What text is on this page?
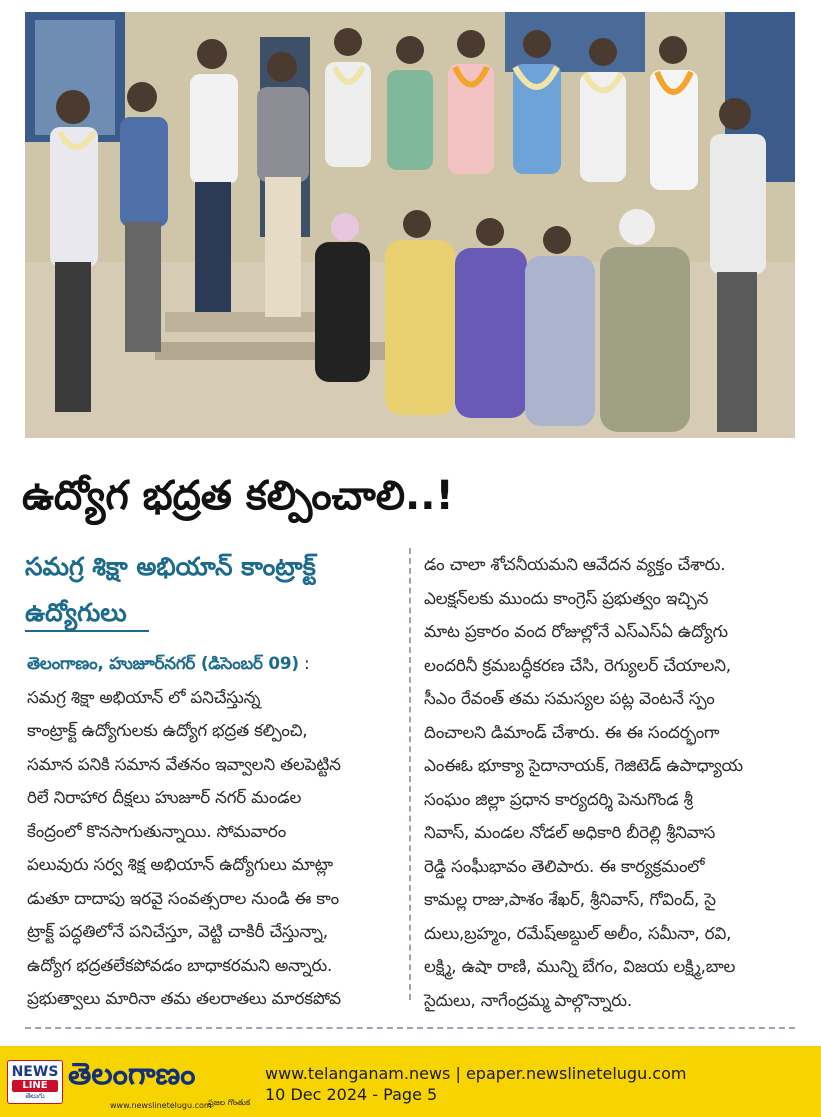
ఉద్యోగ భద్రత కల్పించాలి..!
సమగ్ర శిక్షా అభియాన్ కాంట్రాక్ట్ ఉద్యోగులు
తెలంగాణం, హుజూర్‌నగర్ (డిసెంబర్ 09) :
సమగ్ర శిక్షా అభియాన్ లో పనిచేస్తున్న
కాంట్రాక్ట్ ఉద్యోగులకు ఉద్యోగ భద్రత కల్పించి,
సమాన పనికి సమాన వేతనం ఇవ్వాలని తలపెట్టిన
రిలే నిరాహార దీక్షలు హుజూర్ నగర్ మండల
కేంద్రంలో కొనసాగుతున్నాయి. సోమవారం
పలువురు సర్వ శిక్ష అభియాన్ ఉద్యోగులు మాట్లా
డుతూ దాదాపు ఇరవై సంవత్సరాల నుండి ఈ కాం
ట్రాక్ట్ పద్ధతిలోనే పనిచేస్తూ, వెట్టి చాకిరీ చేస్తున్నా,
ఉద్యోగ భద్రతలేకపోవడం బాధాకరమని అన్నారు.
ప్రభుత్వాలు మారినా తమ తలరాతలు మారకపోవ
డం చాలా శోచనీయమని ఆవేదన వ్యక్తం చేశారు.
ఎలక్షన్‌లకు ముందు కాంగ్రెస్ ప్రభుత్వం ఇచ్చిన
మాట ప్రకారం వంద రోజుల్లోనే ఎస్ఎస్ఏ ఉద్యోగు
లందరినీ క్రమబద్ధీకరణ చేసి, రెగ్యులర్ చేయాలని,
సీఎం రేవంత్ తమ సమస్యల పట్ల వెంటనే స్పం
దించాలని డిమాండ్ చేశారు. ఈ ఈ సందర్భంగా
ఎంఈఓ భూక్యా సైదానాయక్, గెజిటెడ్ ఉపాధ్యాయ
సంఘం జిల్లా ప్రధాన కార్యదర్శి పెనుగొండ శ్రీ
నివాస్, మండల నోడల్ అధికారి బీరెల్లి శ్రీనివాస
రెడ్డి సంఘీభావం తెలిపారు. ఈ కార్యక్రమంలో
కామల్ల రాజు,పాశం శేఖర్, శ్రీనివాస్, గోవింద్, సై
దులు,బ్రహ్మం, రమేష్‌అబ్దుల్ అలీం, సమీనా, రవి,
లక్ష్మి, ఉషా రాణి, మున్ని బేగం, విజయ లక్ష్మి,బాల
సైదులు, నాగేంద్రమ్మ పాల్గొన్నారు.
NEWS
LINE
తెలుగు
తెలంగాణం
www.newslinetelugu.com
ప్రజల గొంతుక
www.telanganam.news | epaper.newslinetelugu.com
10 Dec 2024 - Page 5
